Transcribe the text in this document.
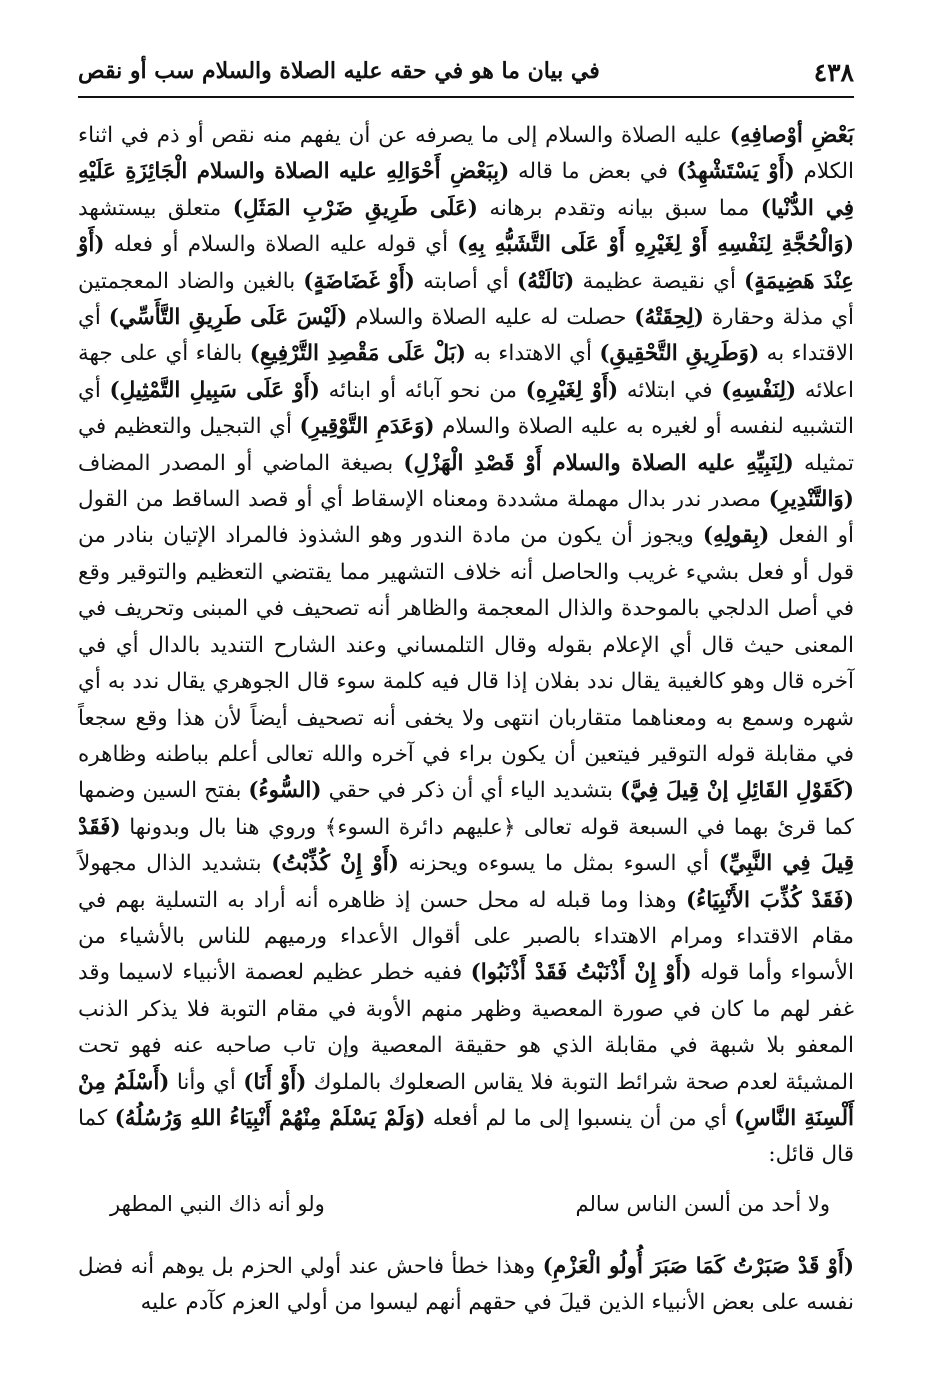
٤٣٨
في بيان ما هو في حقه عليه الصلاة والسلام سب أو نقص

بَعْضِ أوْصافِهِ) عليه الصلاة والسلام إلى ما يصرفه عن أن يفهم منه نقص أو ذم في اثناء الكلام (أَوْ يَسْتَشْهِدُ) في بعض ما قاله (بِبَعْضِ أَحْوَالِهِ عليه الصلاة والسلام الْجَائِزَةِ عَلَيْهِ فِي الدُّنْيا) مما سبق بيانه وتقدم برهانه (عَلَى طَرِيقِ ضَرْبِ المَثَلِ) متعلق بيستشهد (وَالْحُجَّةِ لِنَفْسِهِ أَوْ لِغَيْرِهِ أَوْ عَلَى التَّشَبُّهِ بِهِ) أي قوله عليه الصلاة والسلام أو فعله (أَوْ عِنْدَ هَضِيمَةٍ) أي نقيصة عظيمة (نَالَتْهُ) أي أصابته (أَوْ غَضَاضَةٍ) بالغين والضاد المعجمتين أي مذلة وحقارة (لِحِقَتْهُ) حصلت له عليه الصلاة والسلام (لَيْسَ عَلَى طَرِيقِ التَّأَسِّي) أي الاقتداء به (وَطَرِيقِ التَّحْقِيقِ) أي الاهتداء به (بَلْ عَلَى مَقْصِدِ التَّرْفِيعِ) بالفاء أي على جهة اعلائه (لِنَفْسِهِ) في ابتلائه (أَوْ لِغَيْرِهِ) من نحو آبائه أو ابنائه (أَوْ عَلَى سَبِيلِ التَّمْثِيلِ) أي التشبيه لنفسه أو لغيره به عليه الصلاة والسلام (وَعَدَمِ التَّوْقِيرِ) أي التبجيل والتعظيم في تمثيله (لِنَبِيِّهِ عليه الصلاة والسلام أَوْ قَصْدِ الْهَزْلِ) بصيغة الماضي أو المصدر المضاف (وَالتَّنْدِيرِ) مصدر ندر بدال مهملة مشددة ومعناه الإسقاط أي أو قصد الساقط من القول أو الفعل (بِقولِهِ) ويجوز أن يكون من مادة الندور وهو الشذوذ فالمراد الإتيان بنادر من قول أو فعل بشيء غريب والحاصل أنه خلاف التشهير مما يقتضي التعظيم والتوقير وقع في أصل الدلجي بالموحدة والذال المعجمة والظاهر أنه تصحيف في المبنى وتحريف في المعنى حيث قال أي الإعلام بقوله وقال التلمساني وعند الشارح التنديد بالدال أي في آخره قال وهو كالغيبة يقال ندد بفلان إذا قال فيه كلمة سوء قال الجوهري يقال ندد به أي شهره وسمع به ومعناهما متقاربان انتهى ولا يخفى أنه تصحيف أيضاً لأن هذا وقع سجعاً في مقابلة قوله التوقير فيتعين أن يكون براء في آخره والله تعالى أعلم بباطنه وظاهره (كَقَوْلِ القَائِلِ إنْ قِيلَ فِيَّ) بتشديد الياء أي أن ذكر في حقي (السُّوءُ) بفتح السين وضمها كما قرئ بهما في السبعة قوله تعالى ﴿عليهم دائرة السوء﴾ وروي هنا بال وبدونها (فَقَدْ قِيلَ فِي النَّبِيِّ) أي السوء بمثل ما يسوءه ويحزنه (أَوْ إِنْ كُذِّبْتُ) بتشديد الذال مجهولاً (فَقَدْ كُذِّبَ الأَنْبِيَاءُ) وهذا وما قبله له محل حسن إذ ظاهره أنه أراد به التسلية بهم في مقام الاقتداء ومرام الاهتداء بالصبر على أقوال الأعداء ورميهم للناس بالأشياء من الأسواء وأما قوله (أَوْ إِنْ أَذْنَبْتُ فَقَدْ أَذْنَبُوا) ففيه خطر عظيم لعصمة الأنبياء لاسيما وقد غفر لهم ما كان في صورة المعصية وظهر منهم الأوبة في مقام التوبة فلا يذكر الذنب المعفو بلا شبهة في مقابلة الذي هو حقيقة المعصية وإن تاب صاحبه عنه فهو تحت المشيئة لعدم صحة شرائط التوبة فلا يقاس الصعلوك بالملوك (أَوْ أَنَا) أي وأنا (أَسْلَمُ مِنْ أَلْسِنَةِ النَّاسِ) أي من أن ينسبوا إلى ما لم أفعله (وَلَمْ يَسْلَمْ مِنْهُمْ أَنْبِيَاءُ اللهِ وَرُسُلُهُ) كما قال قائل:

ولا أحد من ألسن الناس سالم
ولو أنه ذاك النبي المطهر

(أَوْ قَدْ صَبَرْتُ كَمَا صَبَرَ أُولُو الْعَزْمِ) وهذا خطأ فاحش عند أولي الحزم بل يوهم أنه فضل نفسه على بعض الأنبياء الذين قيلَ في حقهم أنهم ليسوا من أولي العزم كآدم عليه
